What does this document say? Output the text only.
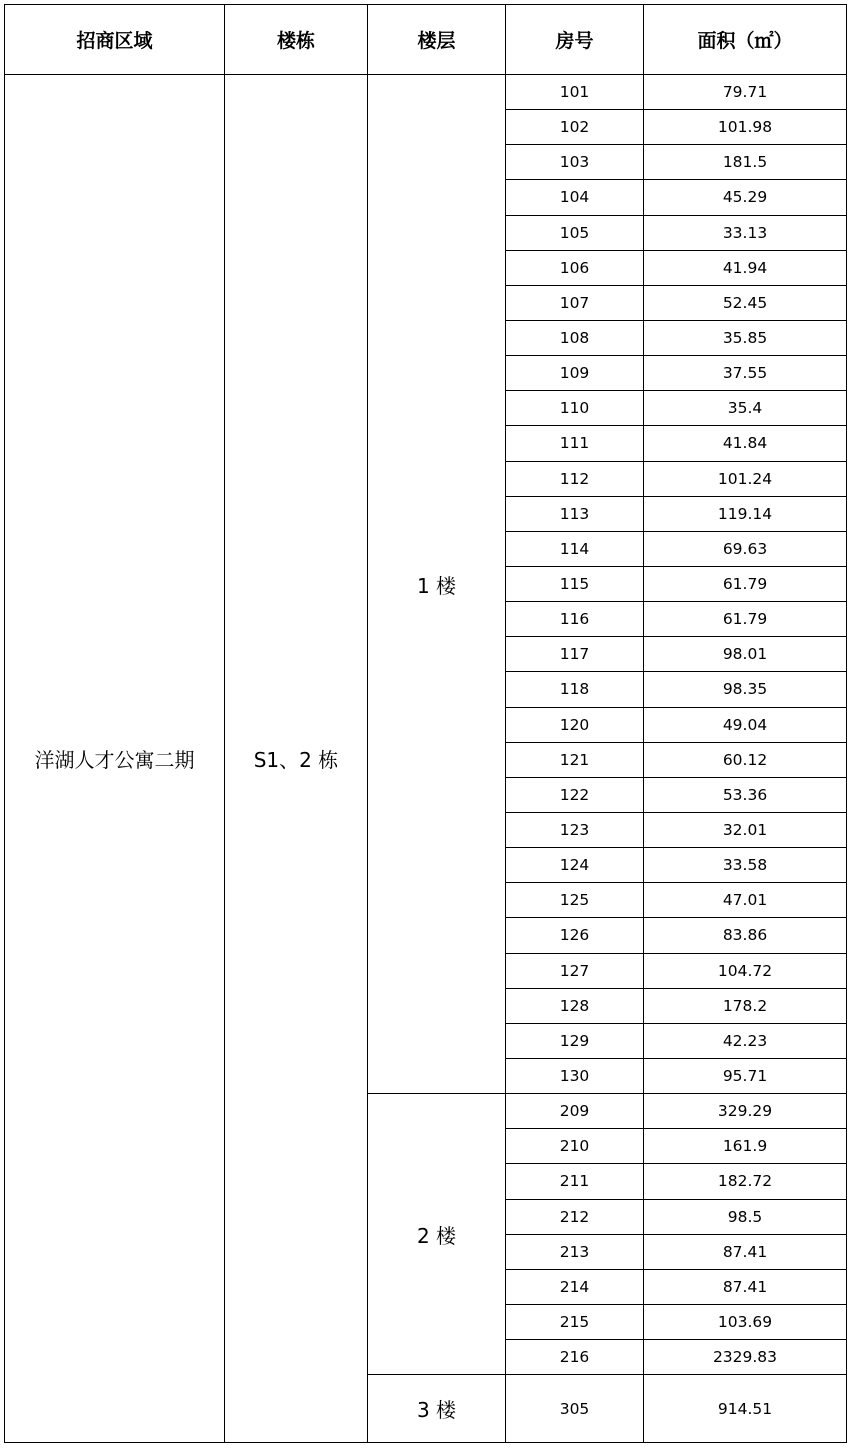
招商区域	楼栋	楼层	房号	面积（㎡）
洋湖人才公寓二期	S1、2 栋	1 楼	101	79.71
			102	101.98
			103	181.5
			104	45.29
			105	33.13
			106	41.94
			107	52.45
			108	35.85
			109	37.55
			110	35.4
			111	41.84
			112	101.24
			113	119.14
			114	69.63
			115	61.79
			116	61.79
			117	98.01
			118	98.35
			120	49.04
			121	60.12
			122	53.36
			123	32.01
			124	33.58
			125	47.01
			126	83.86
			127	104.72
			128	178.2
			129	42.23
			130	95.71
		2 楼	209	329.29
			210	161.9
			211	182.72
			212	98.5
			213	87.41
			214	87.41
			215	103.69
			216	2329.83
		3 楼	305	914.51
